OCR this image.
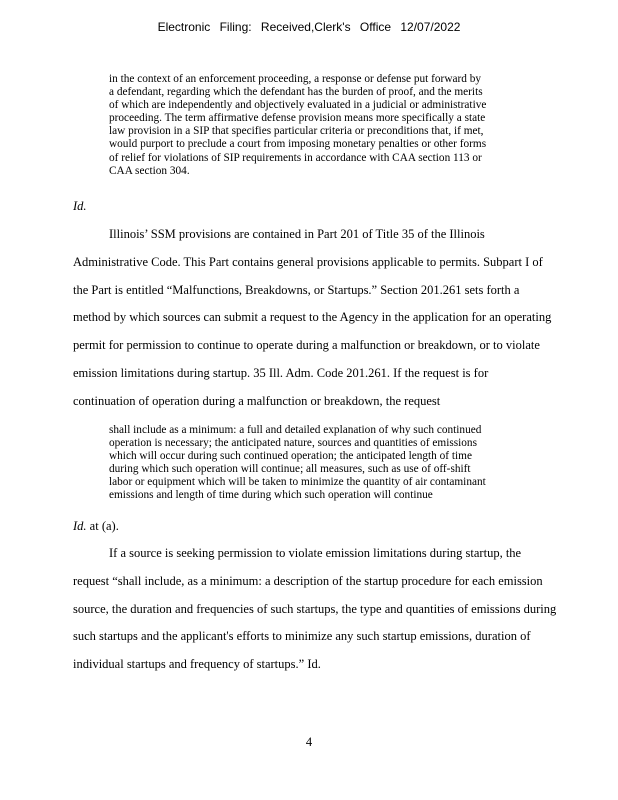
Electronic Filing: Received,Clerk's Office 12/07/2022
in the context of an enforcement proceeding, a response or defense put forward by
a defendant, regarding which the defendant has the burden of proof, and the merits
of which are independently and objectively evaluated in a judicial or administrative
proceeding. The term affirmative defense provision means more specifically a state
law provision in a SIP that specifies particular criteria or preconditions that, if met,
would purport to preclude a court from imposing monetary penalties or other forms
of relief for violations of SIP requirements in accordance with CAA section 113 or
CAA section 304.
Id.
Illinois’ SSM provisions are contained in Part 201 of Title 35 of the Illinois
Administrative Code. This Part contains general provisions applicable to permits. Subpart I of
the Part is entitled “Malfunctions, Breakdowns, or Startups.” Section 201.261 sets forth a
method by which sources can submit a request to the Agency in the application for an operating
permit for permission to continue to operate during a malfunction or breakdown, or to violate
emission limitations during startup. 35 Ill. Adm. Code 201.261. If the request is for
continuation of operation during a malfunction or breakdown, the request
shall include as a minimum: a full and detailed explanation of why such continued
operation is necessary; the anticipated nature, sources and quantities of emissions
which will occur during such continued operation; the anticipated length of time
during which such operation will continue; all measures, such as use of off-shift
labor or equipment which will be taken to minimize the quantity of air contaminant
emissions and length of time during which such operation will continue
Id. at (a).
If a source is seeking permission to violate emission limitations during startup, the
request “shall include, as a minimum: a description of the startup procedure for each emission
source, the duration and frequencies of such startups, the type and quantities of emissions during
such startups and the applicant's efforts to minimize any such startup emissions, duration of
individual startups and frequency of startups.” Id.
4
